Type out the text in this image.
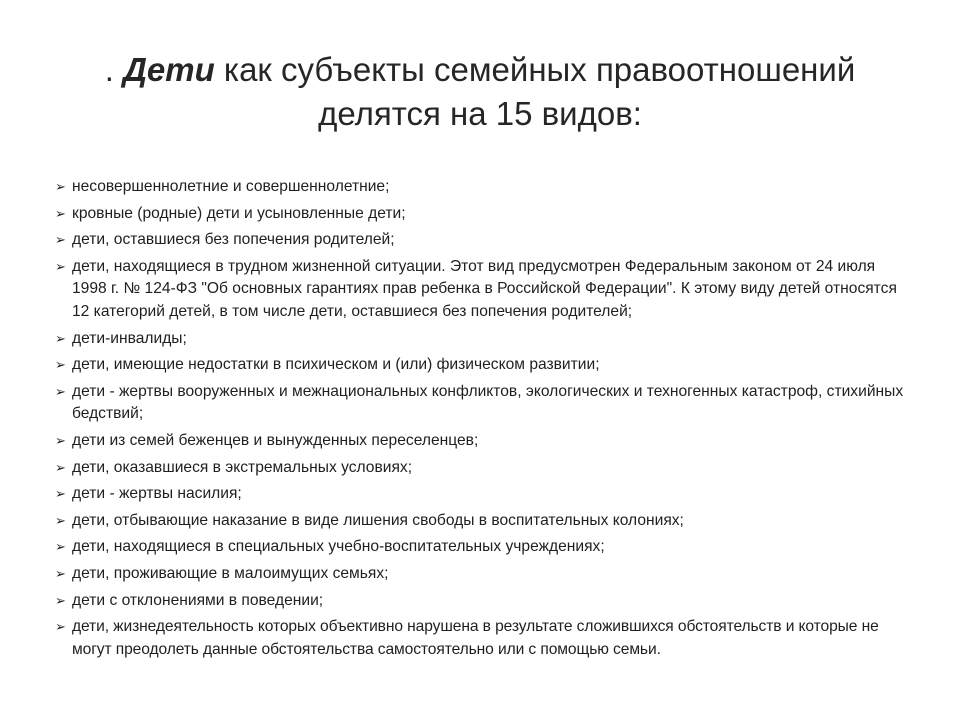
. Дети как субъекты семейных правоотношений
делятся на 15 видов:
➢ несовершеннолетние и совершеннолетние;
➢ кровные (родные) дети и усыновленные дети;
➢ дети, оставшиеся без попечения родителей;
➢ дети, находящиеся в трудном жизненной ситуации. Этот вид предусмотрен Федеральным законом от 24 июля 1998 г. № 124-ФЗ "Об основных гарантиях прав ребенка в Российской Федерации". К этому виду детей относятся 12 категорий детей, в том числе дети, оставшиеся без попечения родителей;
➢ дети-инвалиды;
➢ дети, имеющие недостатки в психическом и (или) физическом развитии;
➢ дети - жертвы вооруженных и межнациональных конфликтов, экологических и техногенных катастроф, стихийных бедствий;
➢ дети из семей беженцев и вынужденных переселенцев;
➢ дети, оказавшиеся в экстремальных условиях;
➢ дети - жертвы насилия;
➢ дети, отбывающие наказание в виде лишения свободы в воспитательных колониях;
➢ дети, находящиеся в специальных учебно-воспитательных учреждениях;
➢ дети, проживающие в малоимущих семьях;
➢ дети с отклонениями в поведении;
➢ дети, жизнедеятельность которых объективно нарушена в результате сложившихся обстоятельств и которые не могут преодолеть данные обстоятельства самостоятельно или с помощью семьи.
